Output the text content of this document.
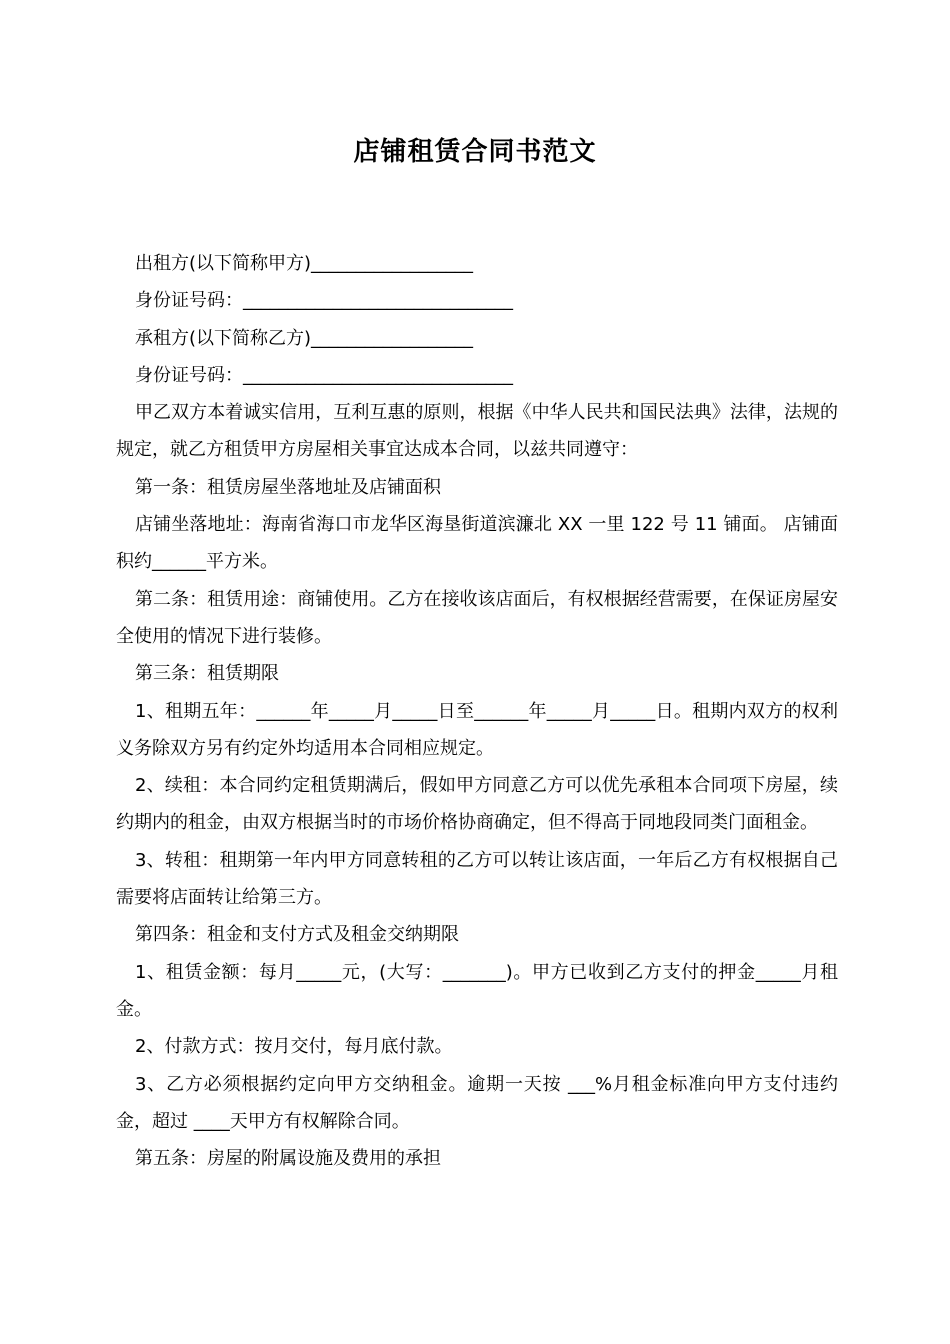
店铺租赁合同书范文

出租方(以下简称甲方)__________________

身份证号码：______________________________

承租方(以下简称乙方)__________________

身份证号码：______________________________

甲乙双方本着诚实信用，互利互惠的原则，根据《中华人民共和国民法典》法律，法规的规定，就乙方租赁甲方房屋相关事宜达成本合同，以兹共同遵守：

第一条：租赁房屋坐落地址及店铺面积

店铺坐落地址：海南省海口市龙华区海垦街道滨濂北 XX 一里 122 号 11 铺面。 店铺面积约______平方米。

第二条：租赁用途：商铺使用。乙方在接收该店面后，有权根据经营需要，在保证房屋安全使用的情况下进行装修。

第三条：租赁期限

1、租期五年：______年_____月_____日至______年_____月_____日。租期内双方的权利义务除双方另有约定外均适用本合同相应规定。

2、续租：本合同约定租赁期满后，假如甲方同意乙方可以优先承租本合同项下房屋，续约期内的租金，由双方根据当时的市场价格协商确定，但不得高于同地段同类门面租金。

3、转租：租期第一年内甲方同意转租的乙方可以转让该店面，一年后乙方有权根据自己需要将店面转让给第三方。

第四条：租金和支付方式及租金交纳期限

1、租赁金额：每月_____元，(大写：_______)。甲方已收到乙方支付的押金_____月租金。

2、付款方式：按月交付，每月底付款。

3、乙方必须根据约定向甲方交纳租金。逾期一天按 ___%月租金标准向甲方支付违约金，超过 ____天甲方有权解除合同。

第五条：房屋的附属设施及费用的承担
